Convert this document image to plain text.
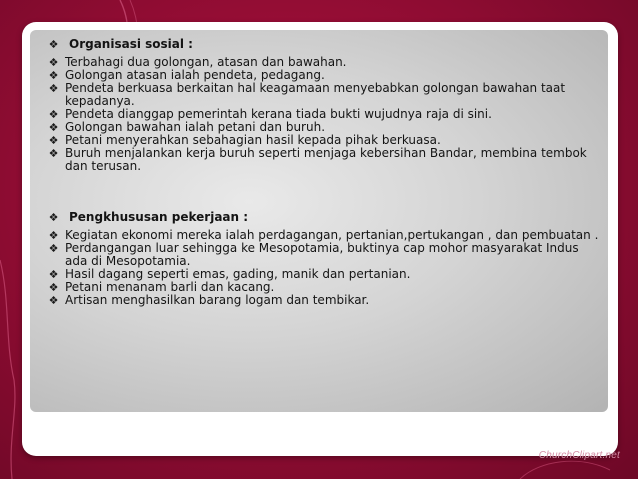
❖ Organisasi sosial :
❖ Terbahagi dua golongan, atasan dan bawahan.
❖ Golongan atasan ialah pendeta, pedagang.
❖ Pendeta berkuasa berkaitan hal keagamaan menyebabkan golongan bawahan taat kepadanya.
❖ Pendeta dianggap pemerintah kerana tiada bukti wujudnya raja di sini.
❖ Golongan bawahan ialah petani dan buruh.
❖ Petani menyerahkan sebahagian hasil kepada pihak berkuasa.
❖ Buruh menjalankan kerja buruh seperti menjaga kebersihan Bandar, membina tembok dan terusan.
❖ Pengkhususan pekerjaan :
❖ Kegiatan ekonomi mereka ialah perdagangan, pertanian,pertukangan , dan pembuatan .
❖ Perdangangan luar sehingga ke Mesopotamia, buktinya cap mohor masyarakat Indus ada di Mesopotamia.
❖ Hasil dagang seperti emas, gading, manik dan pertanian.
❖ Petani menanam barli dan kacang.
❖ Artisan menghasilkan barang logam dan tembikar.
ChurchClipart.net
